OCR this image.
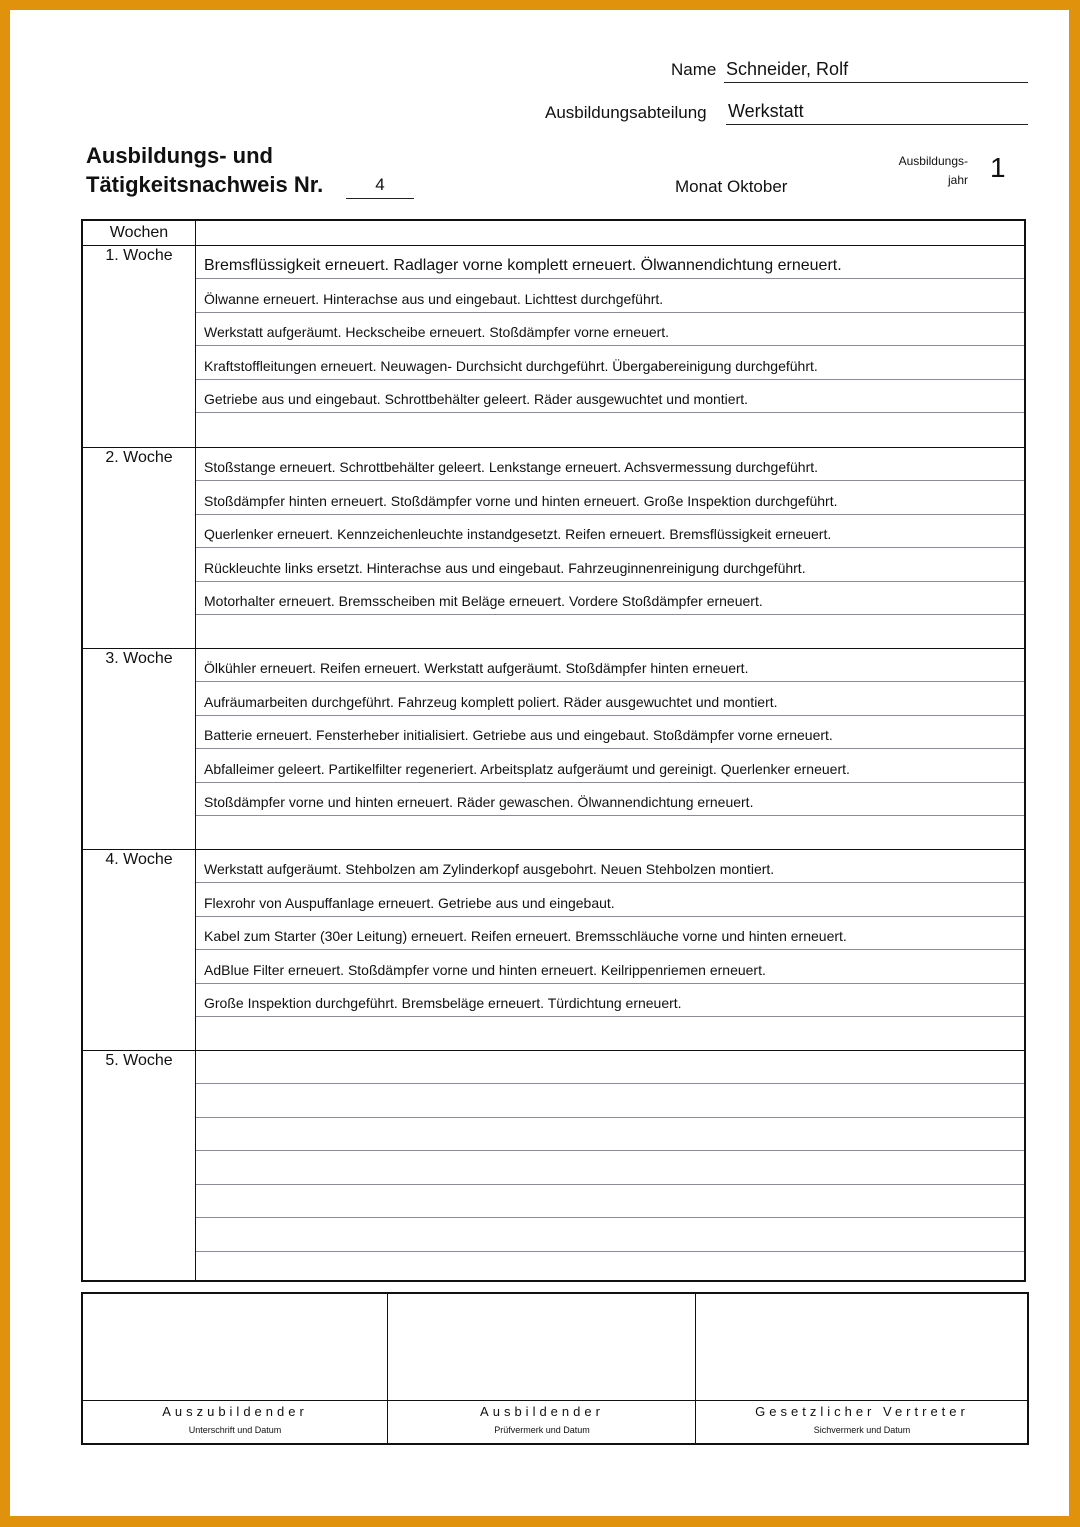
Name Schneider, Rolf
Ausbildungsabteilung Werkstatt
Ausbildungs- und
Tätigkeitsnachweis Nr.	4	Monat Oktober
Ausbildungs-
jahr 1
Wochen
1. Woche
Bremsflüssigkeit erneuert. Radlager vorne komplett erneuert. Ölwannendichtung erneuert.
Ölwanne erneuert. Hinterachse aus und eingebaut. Lichttest durchgeführt.
Werkstatt aufgeräumt. Heckscheibe erneuert. Stoßdämpfer vorne erneuert.
Kraftstoffleitungen erneuert. Neuwagen- Durchsicht durchgeführt. Übergabereinigung durchgeführt.
Getriebe aus und eingebaut. Schrottbehälter geleert. Räder ausgewuchtet und montiert.
2. Woche
Stoßstange erneuert. Schrottbehälter geleert. Lenkstange erneuert. Achsvermessung durchgeführt.
Stoßdämpfer hinten erneuert. Stoßdämpfer vorne und hinten erneuert. Große Inspektion durchgeführt.
Querlenker erneuert. Kennzeichenleuchte instandgesetzt. Reifen erneuert. Bremsflüssigkeit erneuert.
Rückleuchte links ersetzt. Hinterachse aus und eingebaut. Fahrzeuginnenreinigung durchgeführt.
Motorhalter erneuert. Bremsscheiben mit Beläge erneuert. Vordere Stoßdämpfer erneuert.
3. Woche
Ölkühler erneuert. Reifen erneuert. Werkstatt aufgeräumt. Stoßdämpfer hinten erneuert.
Aufräumarbeiten durchgeführt. Fahrzeug komplett poliert. Räder ausgewuchtet und montiert.
Batterie erneuert. Fensterheber initialisiert. Getriebe aus und eingebaut. Stoßdämpfer vorne erneuert.
Abfalleimer geleert. Partikelfilter regeneriert. Arbeitsplatz aufgeräumt und gereinigt. Querlenker erneuert.
Stoßdämpfer vorne und hinten erneuert. Räder gewaschen. Ölwannendichtung erneuert.
4. Woche
Werkstatt aufgeräumt. Stehbolzen am Zylinderkopf ausgebohrt. Neuen Stehbolzen montiert.
Flexrohr von Auspuffanlage erneuert. Getriebe aus und eingebaut.
Kabel zum Starter (30er Leitung) erneuert. Reifen erneuert. Bremsschläuche vorne und hinten erneuert.
AdBlue Filter erneuert. Stoßdämpfer vorne und hinten erneuert. Keilrippenriemen erneuert.
Große Inspektion durchgeführt. Bremsbeläge erneuert. Türdichtung erneuert.
5. Woche
Auszubildender
Unterschrift und Datum
Ausbildender
Prüfvermerk und Datum
Gesetzlicher Vertreter
Sichvermerk und Datum
